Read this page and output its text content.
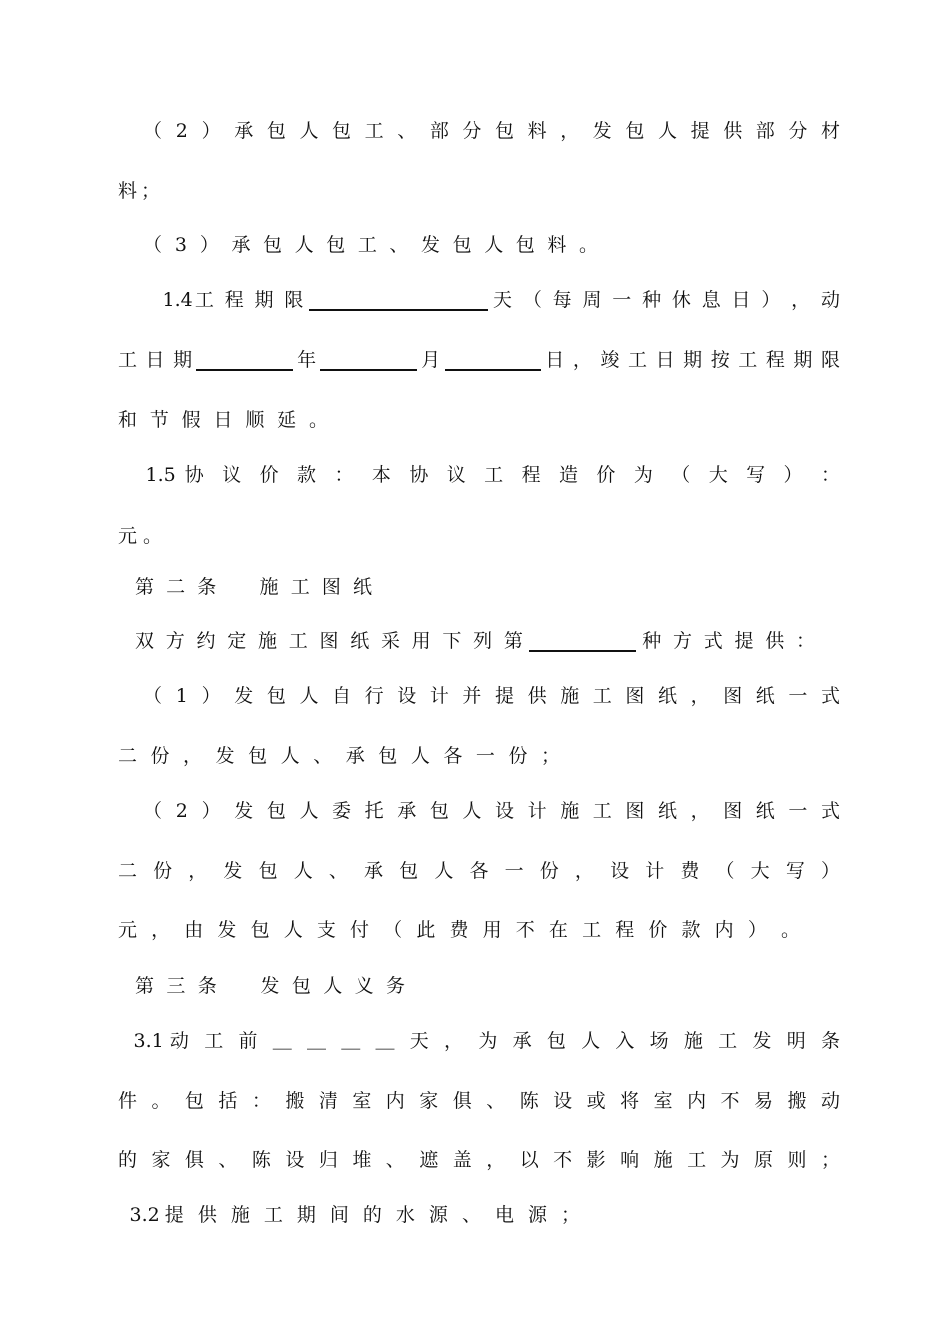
（ 2 ） 承 包 人 包 工 、 部 分 包 料 ， 发 包 人 提 供 部 分 材

料 ；

（ 3 ） 承 包 人 包 工 、 发 包 人 包 料 。

1.4 工 程 期 限	天 （ 每 周 一 种 休 息 日 ） ， 动

工 日 期	年	月	日 ， 竣 工 日 期 按 工 程 期 限

和 节 假 日 顺 延 。

1.5 协 议 价 款 ： 本 协 议 工 程 造 价 为 （ 大 写 ） ：

元 。

第 二 条 施 工 图 纸

双 方 约 定 施 工 图 纸 采 用 下 列 第	种 方 式 提 供 ：

（ 1 ） 发 包 人 自 行 设 计 并 提 供 施 工 图 纸 ， 图 纸 一 式

二 份 ， 发 包 人 、 承 包 人 各 一 份 ；

（ 2 ） 发 包 人 委 托 承 包 人 设 计 施 工 图 纸 ， 图 纸 一 式

二 份 ， 发 包 人 、 承 包 人 各 一 份 ， 设 计 费 （ 大 写 ）

元 ， 由 发 包 人 支 付 （ 此 费 用 不 在 工 程 价 款 内 ） 。

第 三 条 发 包 人 义 务

3.1 动 工 前 ＿ ＿ ＿ ＿ 天 ， 为 承 包 人 入 场 施 工 发 明 条

件 。 包 括 ： 搬 清 室 内 家 俱 、 陈 设 或 将 室 内 不 易 搬 动

的 家 俱 、 陈 设 归 堆 、 遮 盖 ， 以 不 影 响 施 工 为 原 则 ；

3.2 提 供 施 工 期 间 的 水 源 、 电 源 ；
